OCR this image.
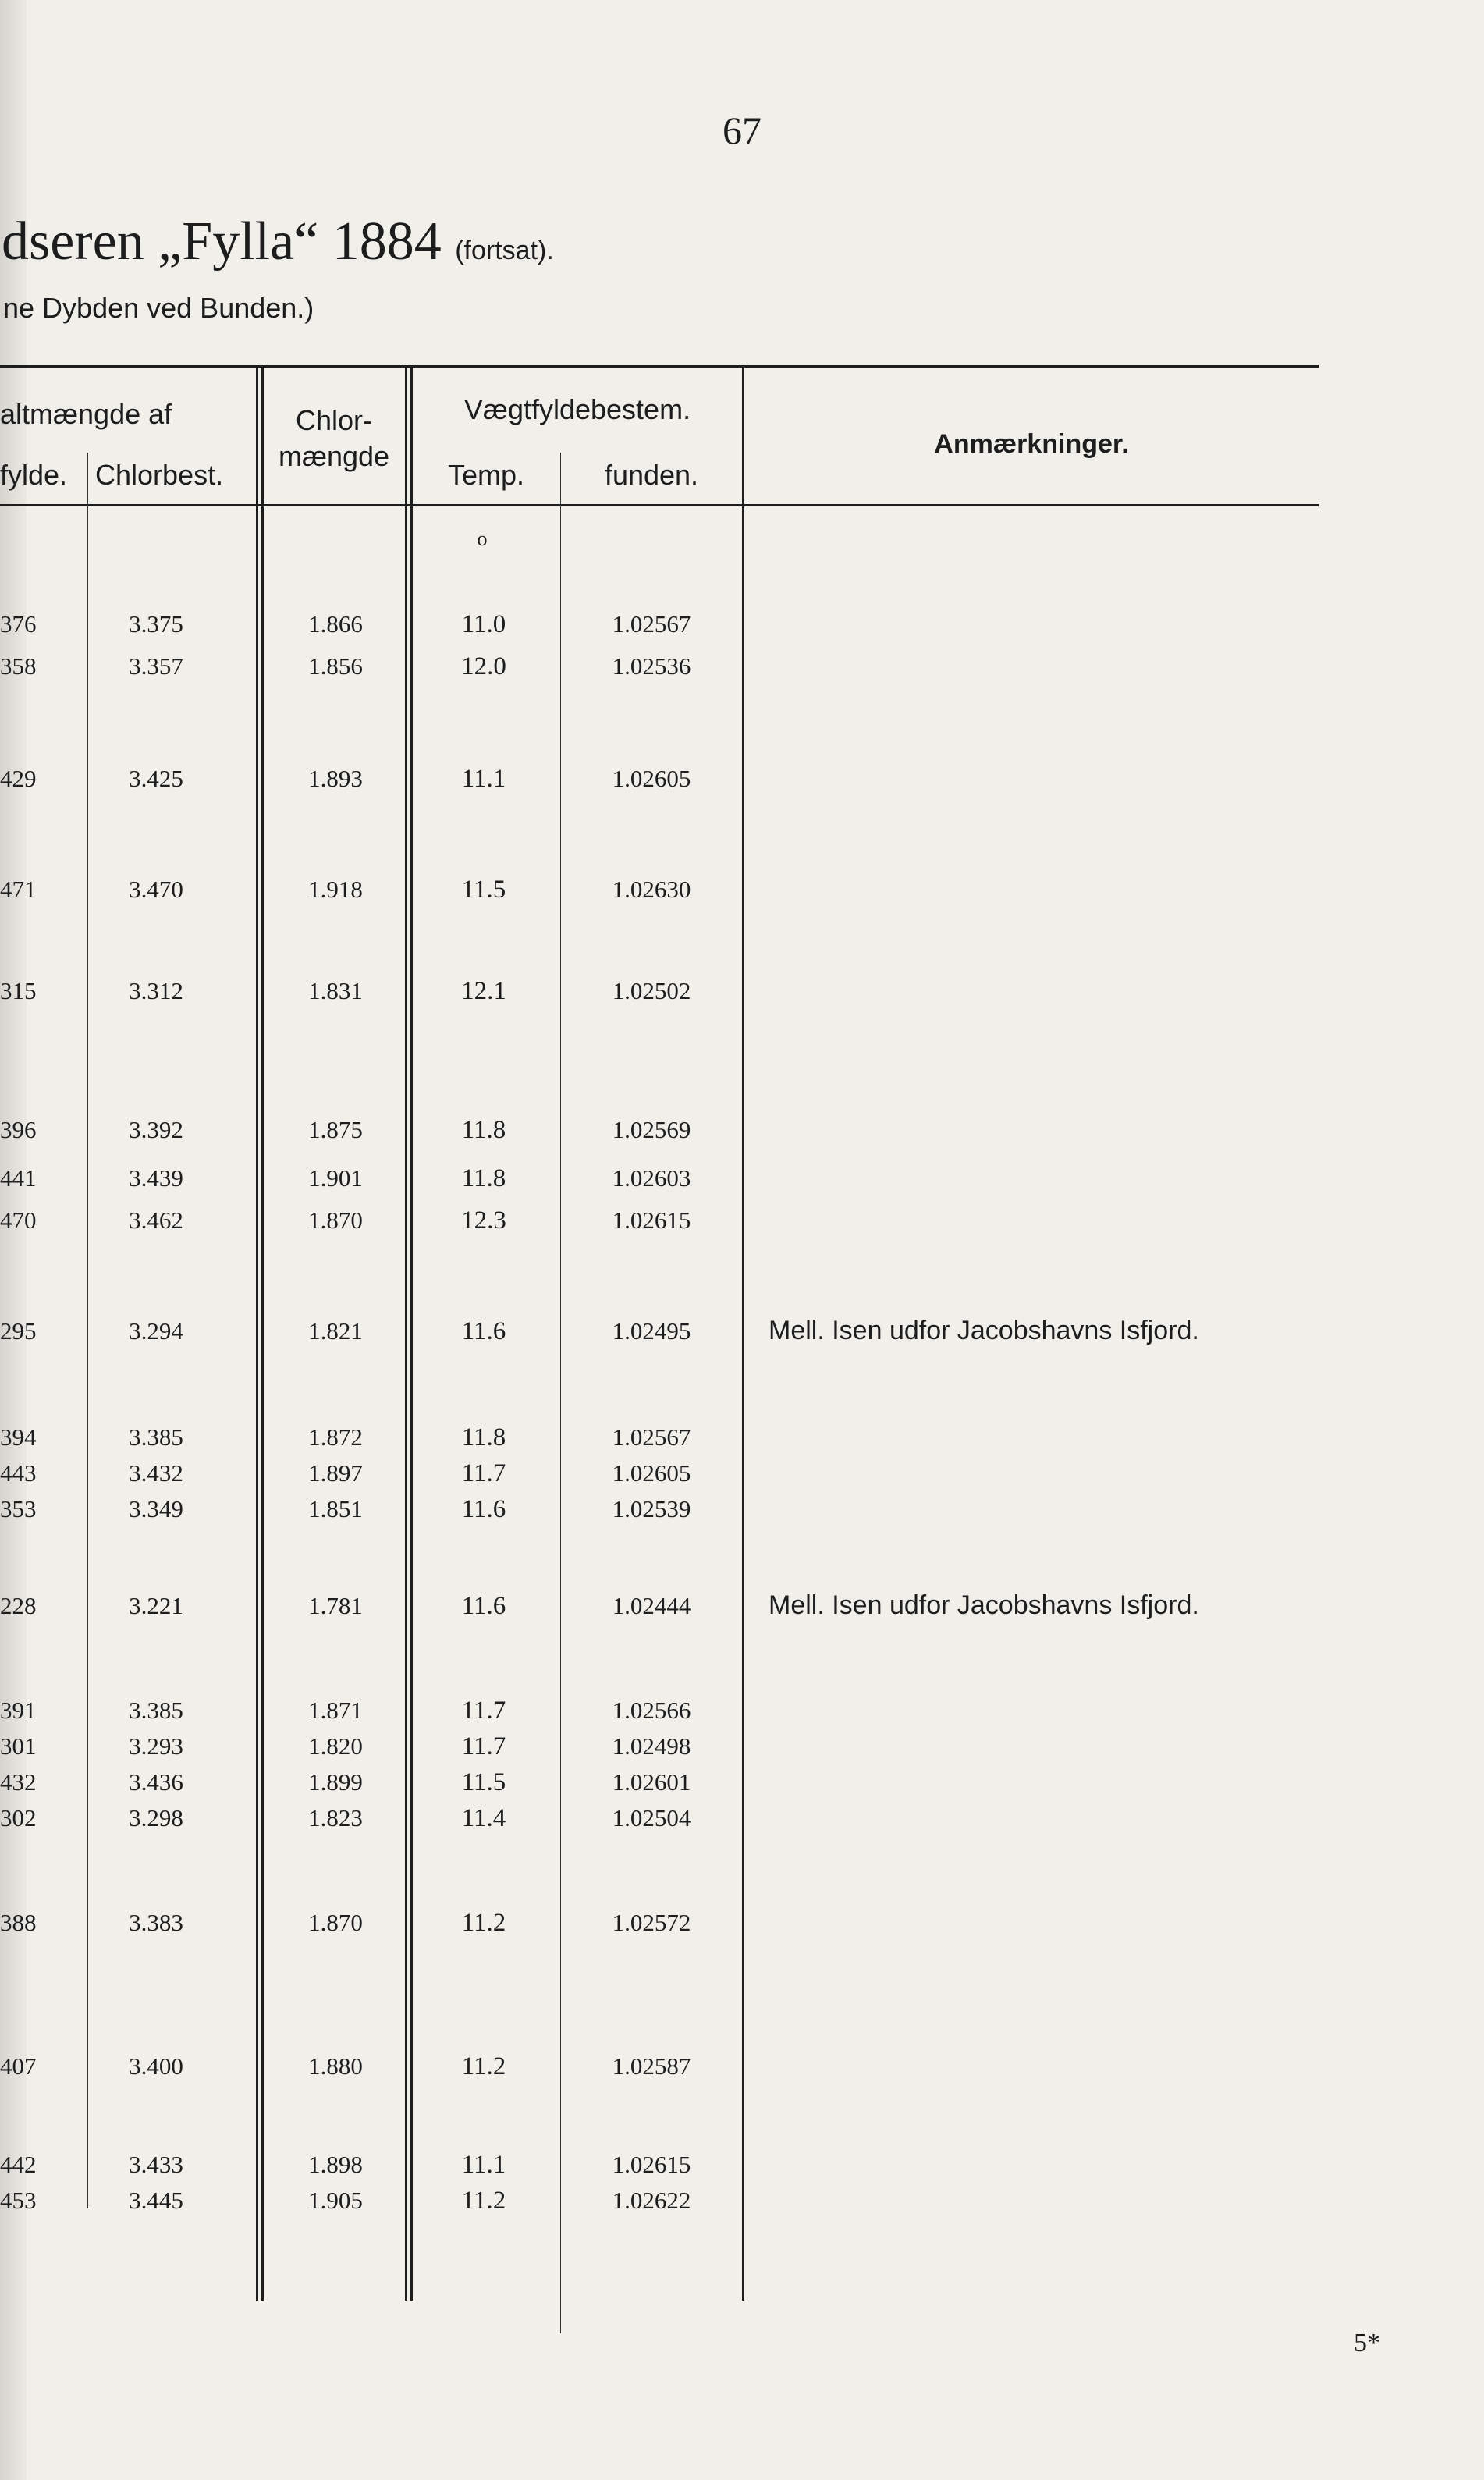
67
dseren „Fylla“ 1884 (fortsat).
ne Dybden ved Bunden.)
altmængde af
fylde. Chlorbest.
Chlor-
mængde
Vægtfyldebestem.
Temp.	funden.
Anmærkninger.
o
376	3.375	1.866	11.0	1.02567
358	3.357	1.856	12.0	1.02536
429	3.425	1.893	11.1	1.02605
471	3.470	1.918	11.5	1.02630
315	3.312	1.831	12.1	1.02502
396	3.392	1.875	11.8	1.02569
441	3.439	1.901	11.8	1.02603
470	3.462	1.870	12.3	1.02615
295	3.294	1.821	11.6	1.02495	Mell. Isen udfor Jacobshavns Isfjord.
394	3.385	1.872	11.8	1.02567
443	3.432	1.897	11.7	1.02605
353	3.349	1.851	11.6	1.02539
228	3.221	1.781	11.6	1.02444	Mell. Isen udfor Jacobshavns Isfjord.
391	3.385	1.871	11.7	1.02566
301	3.293	1.820	11.7	1.02498
432	3.436	1.899	11.5	1.02601
302	3.298	1.823	11.4	1.02504
388	3.383	1.870	11.2	1.02572
407	3.400	1.880	11.2	1.02587
442	3.433	1.898	11.1	1.02615
453	3.445	1.905	11.2	1.02622
5*
